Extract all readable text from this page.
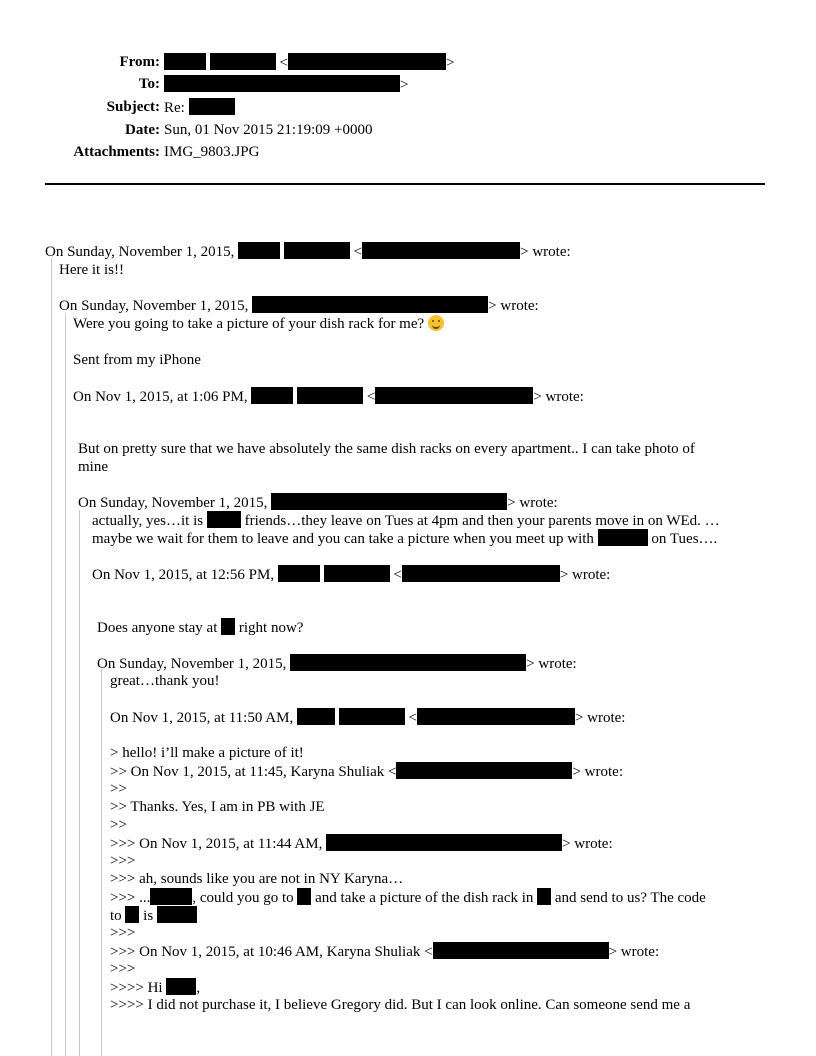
From:	<	>
To:	>
Subject: Re:
Date: Sun, 01 Nov 2015 21:19:09 +0000
Attachments: IMG_9803.JPG
On Sunday, November 1, 2015,	<	> wrote:
Here it is!!
On Sunday, November 1, 2015,	> wrote:
Were you going to take a picture of your dish rack for me?
Sent from my iPhone
On Nov 1, 2015, at 1:06 PM,	<	> wrote:
But on pretty sure that we have absolutely the same dish racks on every apartment.. I can take photo of
mine
On Sunday, November 1, 2015,	> wrote:
actually, yes…it is	friends…they leave on Tues at 4pm and then your parents move in on WEd. …
maybe we wait for them to leave and you can take a picture when you meet up with	on Tues….
On Nov 1, 2015, at 12:56 PM,	<	> wrote:
Does anyone stay at right now?
On Sunday, November 1, 2015,	> wrote:
great…thank you!
On Nov 1, 2015, at 11:50 AM,	<	> wrote:
> hello! i’ll make a picture of it!
>> On Nov 1, 2015, at 11:45, Karyna Shuliak <	> wrote:
>>
>> Thanks. Yes, I am in PB with JE
>>
>>> On Nov 1, 2015, at 11:44 AM,	> wrote:
>>>
>>> ah, sounds like you are not in NY Karyna…
>>> ...	, could you go to and take a picture of the dish rack in and send to us? The code
to is
>>>
>>> On Nov 1, 2015, at 10:46 AM, Karyna Shuliak <	> wrote:
>>>
>>>> Hi ,
>>>> I did not purchase it, I believe Gregory did. But I can look online. Can someone send me a
